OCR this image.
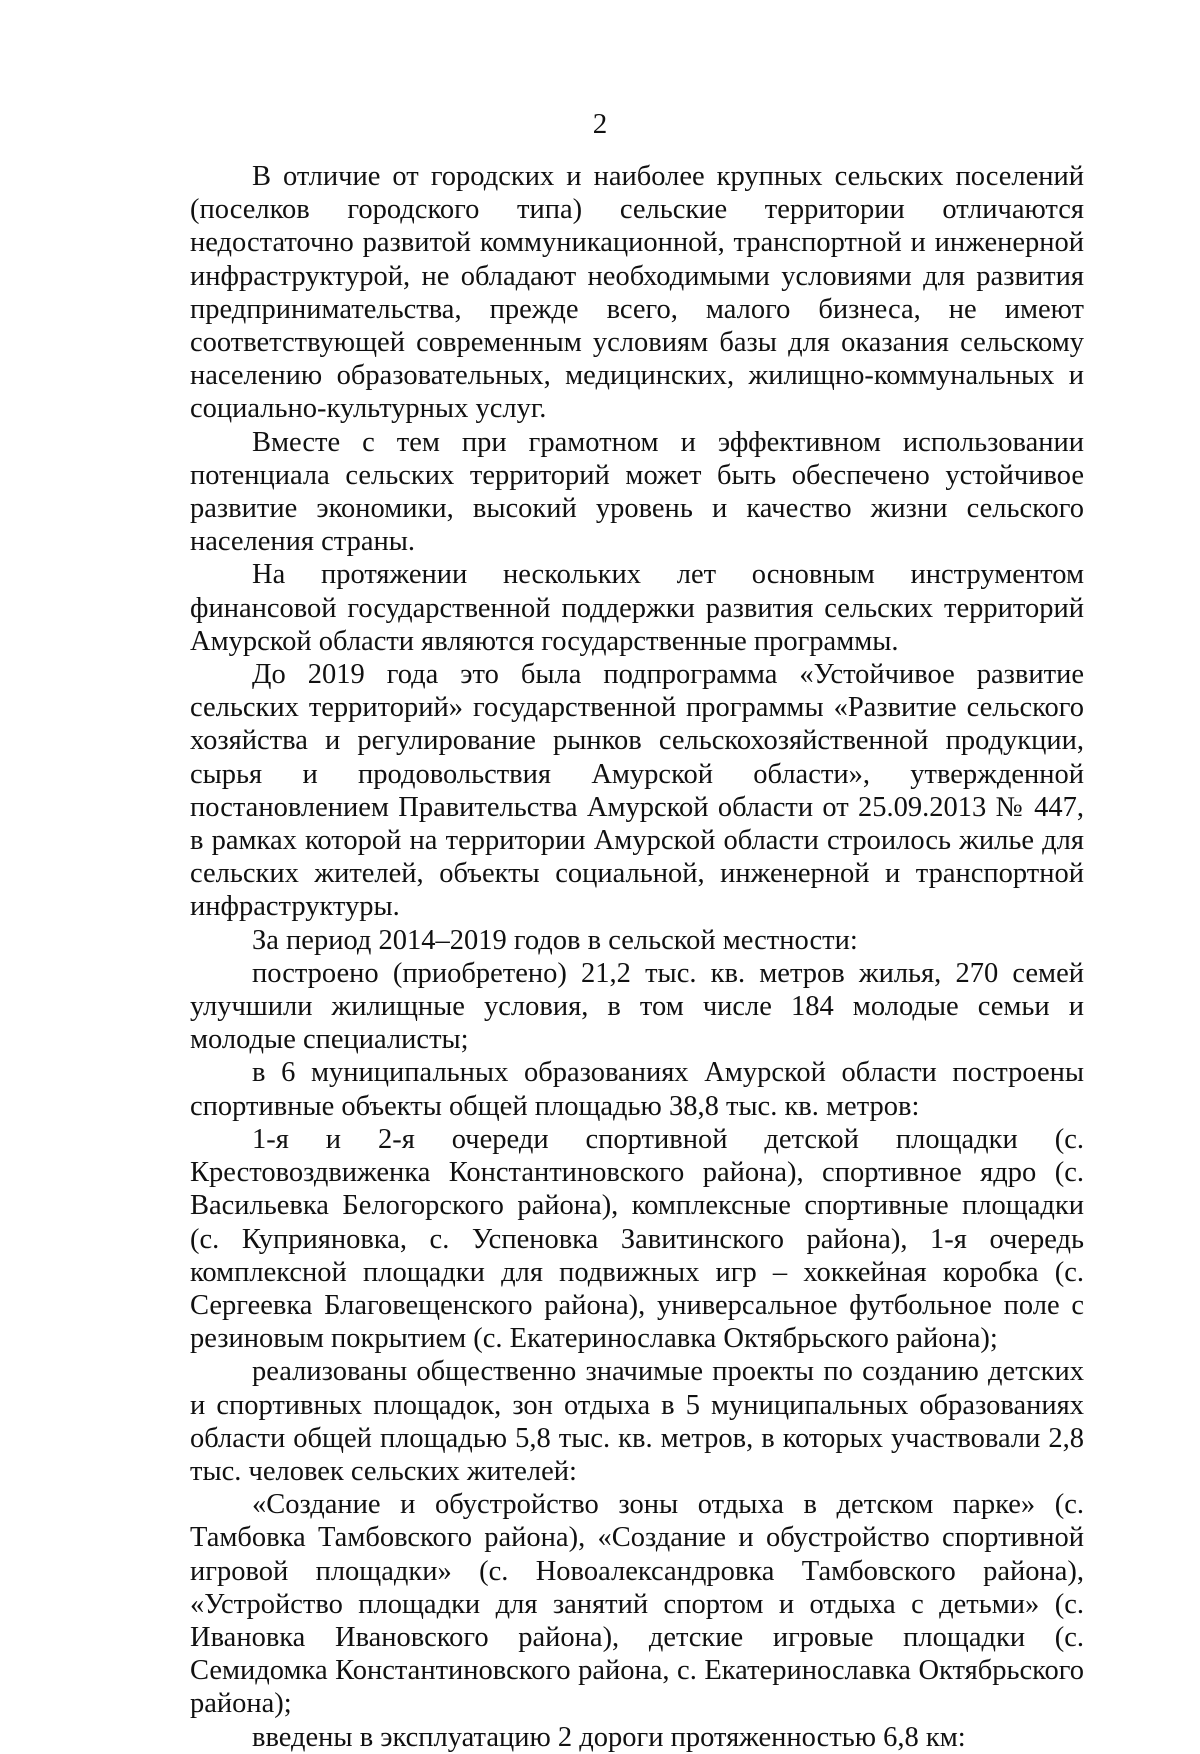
2

В отличие от городских и наиболее крупных сельских поселений (поселков городского типа) сельские территории отличаются недостаточно развитой коммуникационной, транспортной и инженерной инфраструктурой, не обладают необходимыми условиями для развития предпринимательства, прежде всего, малого бизнеса, не имеют соответствующей современным условиям базы для оказания сельскому населению образовательных, медицинских, жилищно-коммунальных и социально-культурных услуг.

Вместе с тем при грамотном и эффективном использовании потенциала сельских территорий может быть обеспечено устойчивое развитие экономики, высокий уровень и качество жизни сельского населения страны.

На протяжении нескольких лет основным инструментом финансовой государственной поддержки развития сельских территорий Амурской области являются государственные программы.

До 2019 года это была подпрограмма «Устойчивое развитие сельских территорий» государственной программы «Развитие сельского хозяйства и регулирование рынков сельскохозяйственной продукции, сырья и продовольствия Амурской области», утвержденной постановлением Правительства Амурской области от 25.09.2013 № 447, в рамках которой на территории Амурской области строилось жилье для сельских жителей, объекты социальной, инженерной и транспортной инфраструктуры.

За период 2014–2019 годов в сельской местности:

построено (приобретено) 21,2 тыс. кв. метров жилья, 270 семей улучшили жилищные условия, в том числе 184 молодые семьи и молодые специалисты;

в 6 муниципальных образованиях Амурской области построены спортивные объекты общей площадью 38,8 тыс. кв. метров:

1-я и 2-я очереди спортивной детской площадки (с. Крестовоздвиженка Константиновского района), спортивное ядро (с. Васильевка Белогорского района), комплексные спортивные площадки (с. Куприяновка, с. Успеновка Завитинского района), 1-я очередь комплексной площадки для подвижных игр – хоккейная коробка (с. Сергеевка Благовещенского района), универсальное футбольное поле с резиновым покрытием (с. Екатеринославка Октябрьского района);

реализованы общественно значимые проекты по созданию детских и спортивных площадок, зон отдыха в 5 муниципальных образованиях области общей площадью 5,8 тыс. кв. метров, в которых участвовали 2,8 тыс. человек сельских жителей:

«Создание и обустройство зоны отдыха в детском парке» (с. Тамбовка Тамбовского района), «Создание и обустройство спортивной игровой площадки» (с. Новоалександровка Тамбовского района), «Устройство площадки для занятий спортом и отдыха с детьми» (с. Ивановка Ивановского района), детские игровые площадки (с. Семидомка Константиновского района, с. Екатеринославка Октябрьского района);

введены в эксплуатацию 2 дороги протяженностью 6,8 км:
